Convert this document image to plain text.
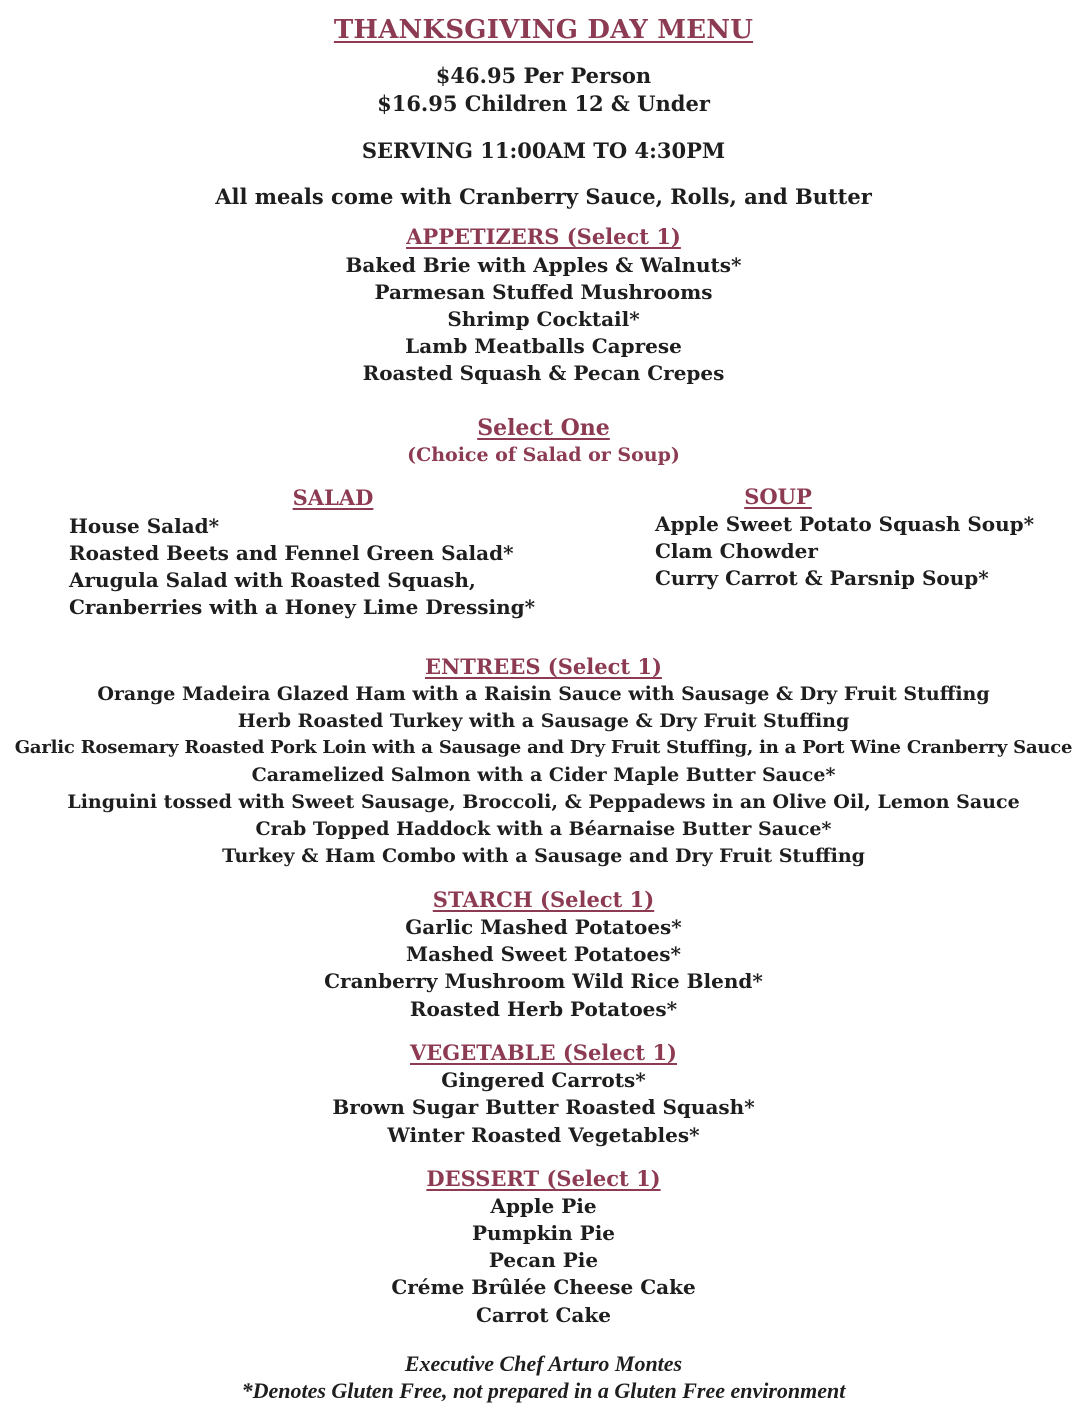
THANKSGIVING DAY MENU
$46.95 Per Person
$16.95 Children 12 & Under
SERVING 11:00AM TO 4:30PM
All meals come with Cranberry Sauce, Rolls, and Butter
APPETIZERS (Select 1)
Baked Brie with Apples & Walnuts*
Parmesan Stuffed Mushrooms
Shrimp Cocktail*
Lamb Meatballs Caprese
Roasted Squash & Pecan Crepes
Select One
(Choice of Salad or Soup)
SALAD
House Salad*
Roasted Beets and Fennel Green Salad*
Arugula Salad with Roasted Squash,
Cranberries with a Honey Lime Dressing*
SOUP
Apple Sweet Potato Squash Soup*
Clam Chowder
Curry Carrot & Parsnip Soup*
ENTREES (Select 1)
Orange Madeira Glazed Ham with a Raisin Sauce with Sausage & Dry Fruit Stuffing
Herb Roasted Turkey with a Sausage & Dry Fruit Stuffing
Garlic Rosemary Roasted Pork Loin with a Sausage and Dry Fruit Stuffing, in a Port Wine Cranberry Sauce
Caramelized Salmon with a Cider Maple Butter Sauce*
Linguini tossed with Sweet Sausage, Broccoli, & Peppadews in an Olive Oil, Lemon Sauce
Crab Topped Haddock with a Béarnaise Butter Sauce*
Turkey & Ham Combo with a Sausage and Dry Fruit Stuffing
STARCH (Select 1)
Garlic Mashed Potatoes*
Mashed Sweet Potatoes*
Cranberry Mushroom Wild Rice Blend*
Roasted Herb Potatoes*
VEGETABLE (Select 1)
Gingered Carrots*
Brown Sugar Butter Roasted Squash*
Winter Roasted Vegetables*
DESSERT (Select 1)
Apple Pie
Pumpkin Pie
Pecan Pie
Créme Brûlée Cheese Cake
Carrot Cake
Executive Chef Arturo Montes
*Denotes Gluten Free, not prepared in a Gluten Free environment
